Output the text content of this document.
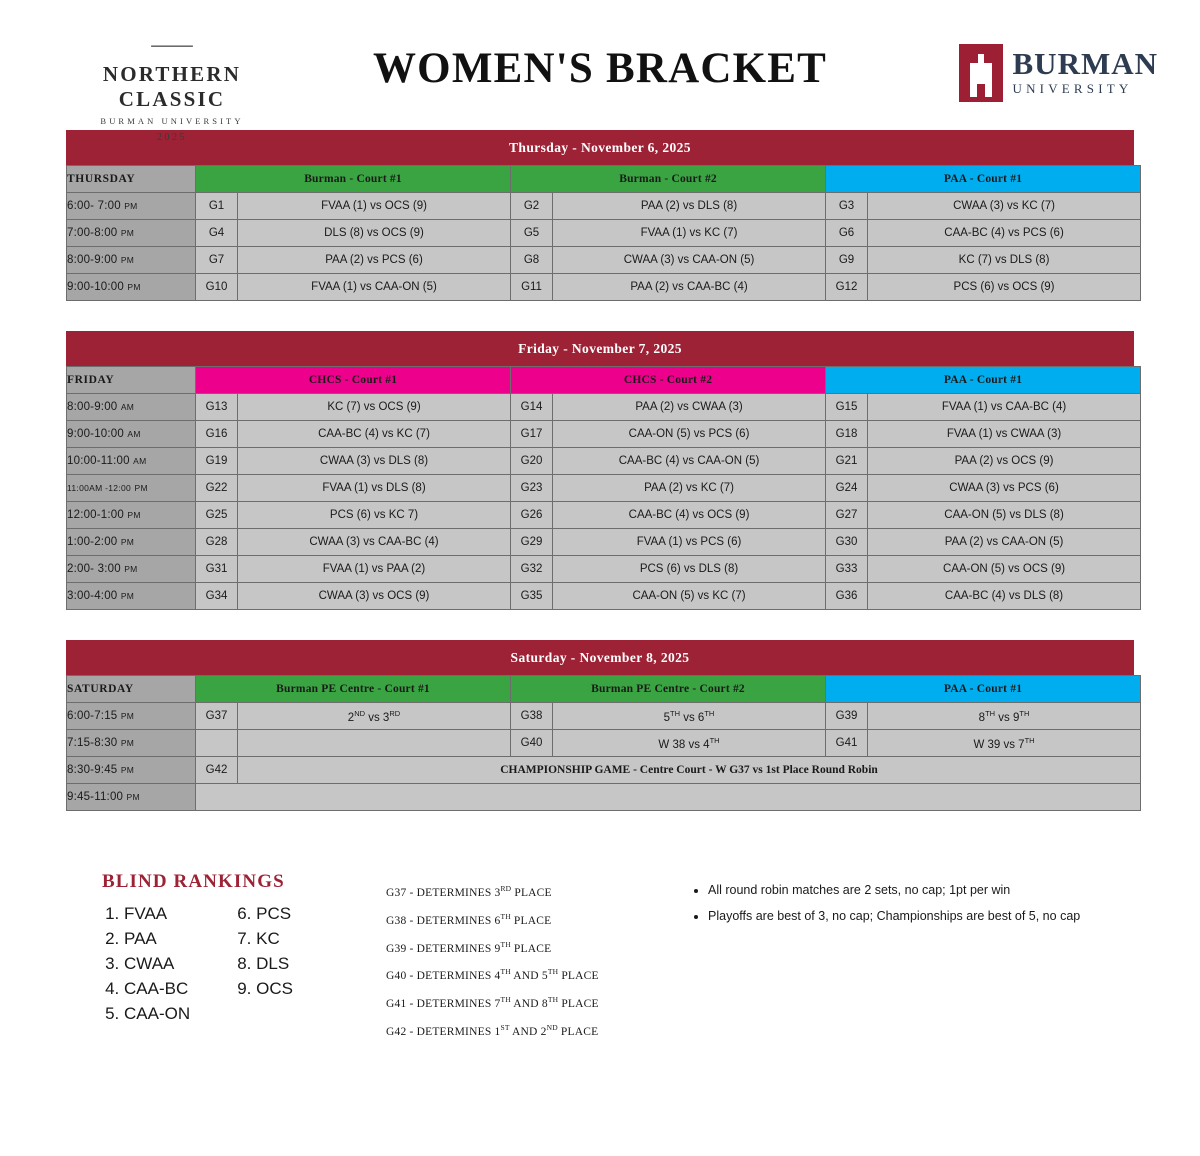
⸺
NORTHERN CLASSIC
BURMAN UNIVERSITY
2025
WOMEN'S BRACKET	BURMAN
UNIVERSITY
Thursday - November 6, 2025
THURSDAY	Burman - Court #1		Burman - Court #2		PAA - Court #1	
6:00- 7:00 PM	G1	FVAA (1) vs OCS (9)	G2	PAA (2) vs DLS (8)	G3	CWAA (3) vs KC (7)
7:00-8:00 PM	G4	DLS (8) vs OCS (9)	G5	FVAA (1) vs KC (7)	G6	CAA-BC (4) vs PCS (6)
8:00-9:00 PM	G7	PAA (2) vs PCS (6)	G8	CWAA (3) vs CAA-ON (5)	G9	KC (7) vs DLS (8)
9:00-10:00 PM	G10	FVAA (1) vs CAA-ON (5)	G11	PAA (2) vs CAA-BC (4)	G12	PCS (6) vs OCS (9)
Friday - November 7, 2025
FRIDAY	CHCS - Court #1		CHCS - Court #2		PAA - Court #1	
8:00-9:00 AM	G13	KC (7) vs OCS (9)	G14	PAA (2) vs CWAA (3)	G15	FVAA (1) vs CAA-BC (4)
9:00-10:00 AM	G16	CAA-BC (4) vs KC (7)	G17	CAA-ON (5) vs PCS (6)	G18	FVAA (1) vs CWAA (3)
10:00-11:00 AM	G19	CWAA (3) vs DLS (8)	G20	CAA-BC (4) vs CAA-ON (5)	G21	PAA (2) vs OCS (9)
11:00AM -12:00 PM	G22	FVAA (1) vs DLS (8)	G23	PAA (2) vs KC (7)	G24	CWAA (3) vs PCS (6)
12:00-1:00 PM	G25	PCS (6) vs KC 7)	G26	CAA-BC (4) vs OCS (9)	G27	CAA-ON (5) vs DLS (8)
1:00-2:00 PM	G28	CWAA (3) vs CAA-BC (4)	G29	FVAA (1) vs PCS (6)	G30	PAA (2) vs CAA-ON (5)
2:00- 3:00 PM	G31	FVAA (1) vs PAA (2)	G32	PCS (6) vs DLS (8)	G33	CAA-ON (5) vs OCS (9)
3:00-4:00 PM	G34	CWAA (3) vs OCS (9)	G35	CAA-ON (5) vs KC (7)	G36	CAA-BC (4) vs DLS (8)
Saturday - November 8, 2025
SATURDAY	Burman PE Centre - Court #1		Burman PE Centre - Court #2		PAA - Court #1	
6:00-7:15 PM	G37	2ND vs 3RD	G38	5TH vs 6TH	G39	8TH vs 9TH
7:15-8:30 PM			G40	W 38 vs 4TH	G41	W 39 vs 7TH
8:30-9:45 PM	G42	CHAMPIONSHIP GAME - Centre Court - W G37 vs 1st Place Round Robin				
9:45-11:00 PM						
BLIND RANKINGS
1. FVAA
2. PAA
3. CWAA
4. CAA-BC
5. CAA-ON
6. PCS
7. KC
8. DLS
9. OCS
G37 - DETERMINES 3RD PLACE
G38 - DETERMINES 6TH PLACE
G39 - DETERMINES 9TH PLACE
G40 - DETERMINES 4TH AND 5TH PLACE
G41 - DETERMINES 7TH AND 8TH PLACE
G42 - DETERMINES 1ST AND 2ND PLACE
• All round robin matches are 2 sets, no cap; 1pt per win
• Playoffs are best of 3, no cap; Championships are best of 5, no cap
